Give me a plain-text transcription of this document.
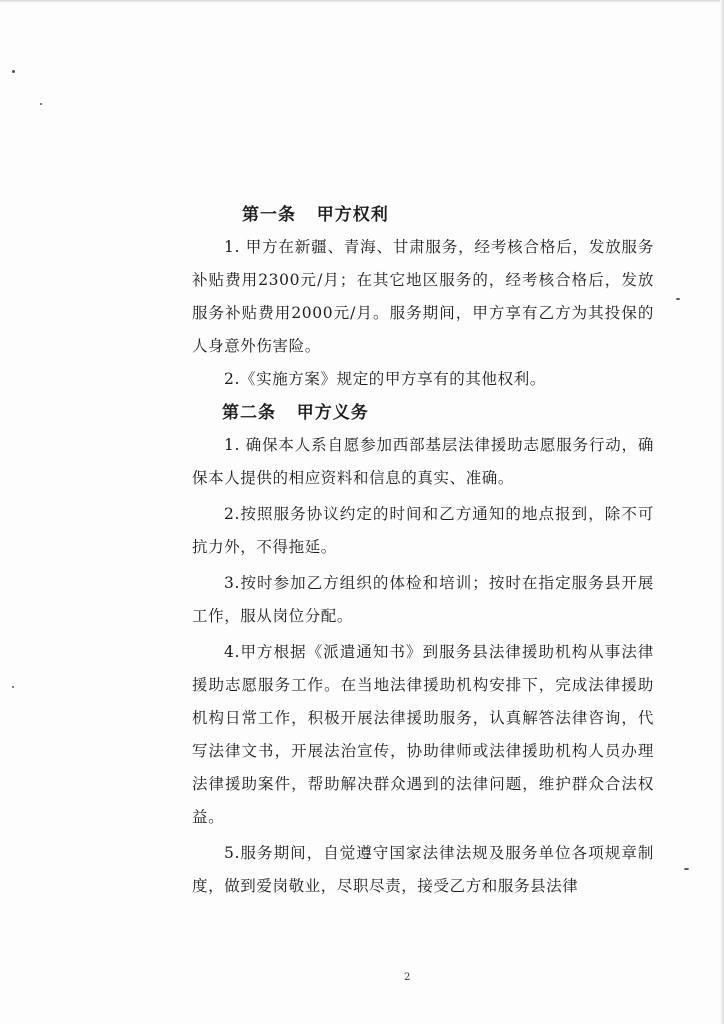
第一条   甲方权利

1. 甲方在新疆、青海、甘肃服务，经考核合格后，发放服务补贴费用2300元/月；在其它地区服务的，经考核合格后，发放服务补贴费用2000元/月。服务期间，甲方享有乙方为其投保的人身意外伤害险。

2.《实施方案》规定的甲方享有的其他权利。

第二条   甲方义务

1. 确保本人系自愿参加西部基层法律援助志愿服务行动，确保本人提供的相应资料和信息的真实、准确。

2.按照服务协议约定的时间和乙方通知的地点报到，除不可抗力外，不得拖延。

3.按时参加乙方组织的体检和培训；按时在指定服务县开展工作，服从岗位分配。

4.甲方根据《派遣通知书》到服务县法律援助机构从事法律援助志愿服务工作。在当地法律援助机构安排下，完成法律援助机构日常工作，积极开展法律援助服务，认真解答法律咨询，代写法律文书，开展法治宣传，协助律师或法律援助机构人员办理法律援助案件，帮助解决群众遇到的法律问题，维护群众合法权益。

5.服务期间，自觉遵守国家法律法规及服务单位各项规章制度，做到爱岗敬业，尽职尽责，接受乙方和服务县法律

2
